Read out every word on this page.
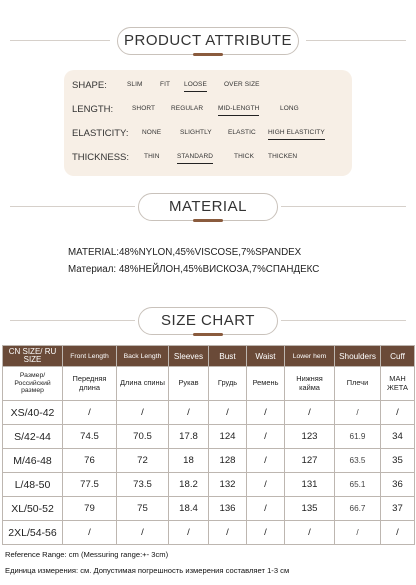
PRODUCT ATTRIBUTE
SHAPE:	SLIM	FIT LOOSE	OVER SIZE
LENGTH:	SHORT REGULAR MID-LENGTH	LONG
ELASTICITY: NONE	SLIGHTLY	ELASTIC HIGH ELASTICITY
THICKNESS: THIN	STANDARD	THICK THICKEN
MATERIAL
MATERIAL:48%NYLON,45%VISCOSE,7%SPANDEX
Материал: 48%НЕЙЛОН,45%ВИСКОЗА,7%СПАНДЕКС
SIZE CHART
CN SIZE/ RU SIZE	Front Length	Back Length	Sleeves	Bust	Waist	Lower hem	Shoulders	Cuff
Размер/ Российский размер	Передняя длина	Длина спины	Рукав	Грудь	Ремень	Нижняя кайма	Плечи	МАН ЖЕТА
XS/40-42	/	/	/	/	/	/	/	/
S/42-44	74.5	70.5	17.8	124	/	123	61.9	34
M/46-48	76	72	18	128	/	127	63.5	35
L/48-50	77.5	73.5	18.2	132	/	131	65.1	36
XL/50-52	79	75	18.4	136	/	135	66.7	37
2XL/54-56	/	/	/	/	/	/	/	/
Reference Range: cm (Messuring range:+- 3cm)
Единица измерения: см. Допустимая погрешность измерения составляет 1-3 см
